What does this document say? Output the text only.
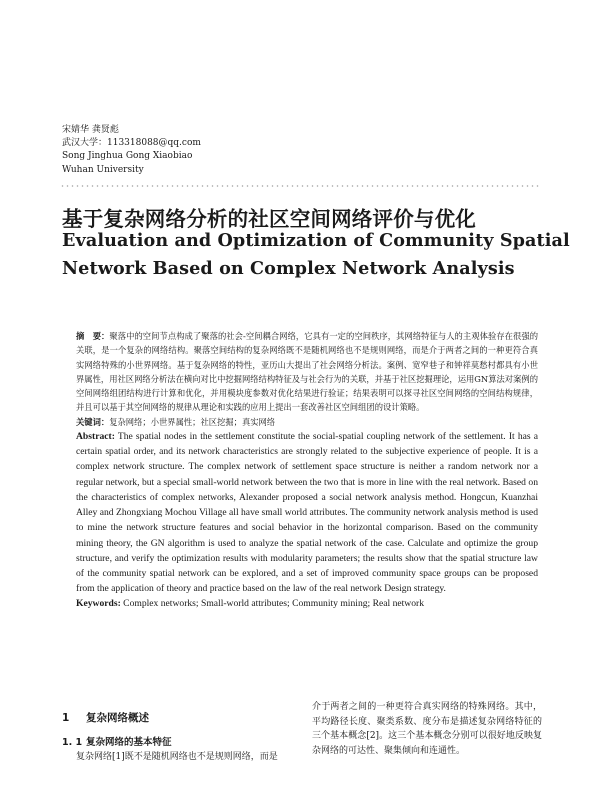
宋婧华 龚贤彪
武汉大学：113318088@qq.com
Song Jinghua Gong Xiaobiao
Wuhan University
基于复杂网络分析的社区空间网络评价与优化
Evaluation and Optimization of Community Spatial
Network Based on Complex Network Analysis

摘　要：聚落中的空间节点构成了聚落的社会-空间耦合网络，它具有一定的空间秩序，其网络特征与人的主观体验存在很强的关联，是一个复杂的网络结构。聚落空间结构的复杂网络既不是随机网络也不是规则网络，而是介于两者之间的一种更符合真实网络特殊的小世界网络。基于复杂网络的特性，亚历山大提出了社会网络分析法。案例、宽窄巷子和钟祥莫愁村都具有小世界属性，用社区网络分析法在横向对比中挖掘网络结构特征及与社会行为的关联，并基于社区挖掘理论，运用GN算法对案例的空间网络组团结构进行计算和优化，并用模块度参数对优化结果进行验证；结果表明可以探寻社区空间网络的空间结构规律，并且可以基于其空间网络的规律从理论和实践的应用上提出一套改善社区空间组团的设计策略。

关键词：复杂网络；小世界属性；社区挖掘；真实网络

Abstract: The spatial nodes in the settlement constitute the social-spatial coupling network of the settlement. It has a certain spatial order, and its network characteristics are strongly related to the subjective experience of people. It is a complex network structure. The complex network of settlement space structure is neither a random network nor a regular network, but a special small-world network between the two that is more in line with the real network. Based on the characteristics of complex networks, Alexander proposed a social network analysis method. Hongcun, Kuanzhai Alley and Zhongxiang Mochou Village all have small world attributes. The community network analysis method is used to mine the network structure features and social behavior in the horizontal comparison. Based on the community mining theory, the GN algorithm is used to analyze the spatial network of the case. Calculate and optimize the group structure, and verify the optimization results with modularity parameters; the results show that the spatial structure law of the community spatial network can be explored, and a set of improved community space groups can be proposed from the application of theory and practice based on the law of the real network Design strategy.

Keywords: Complex networks; Small-world attributes; Community mining; Real network

1 复杂网络概述
1. 1 复杂网络的基本特征

复杂网络[1]既不是随机网络也不是规则网络，而是

介于两者之间的一种更符合真实网络的特殊网络。其中，平均路径长度、聚类系数、度分布是描述复杂网络特征的三个基本概念[2]。这三个基本概念分别可以很好地反映复杂网络的可达性、聚集倾向和连通性。
